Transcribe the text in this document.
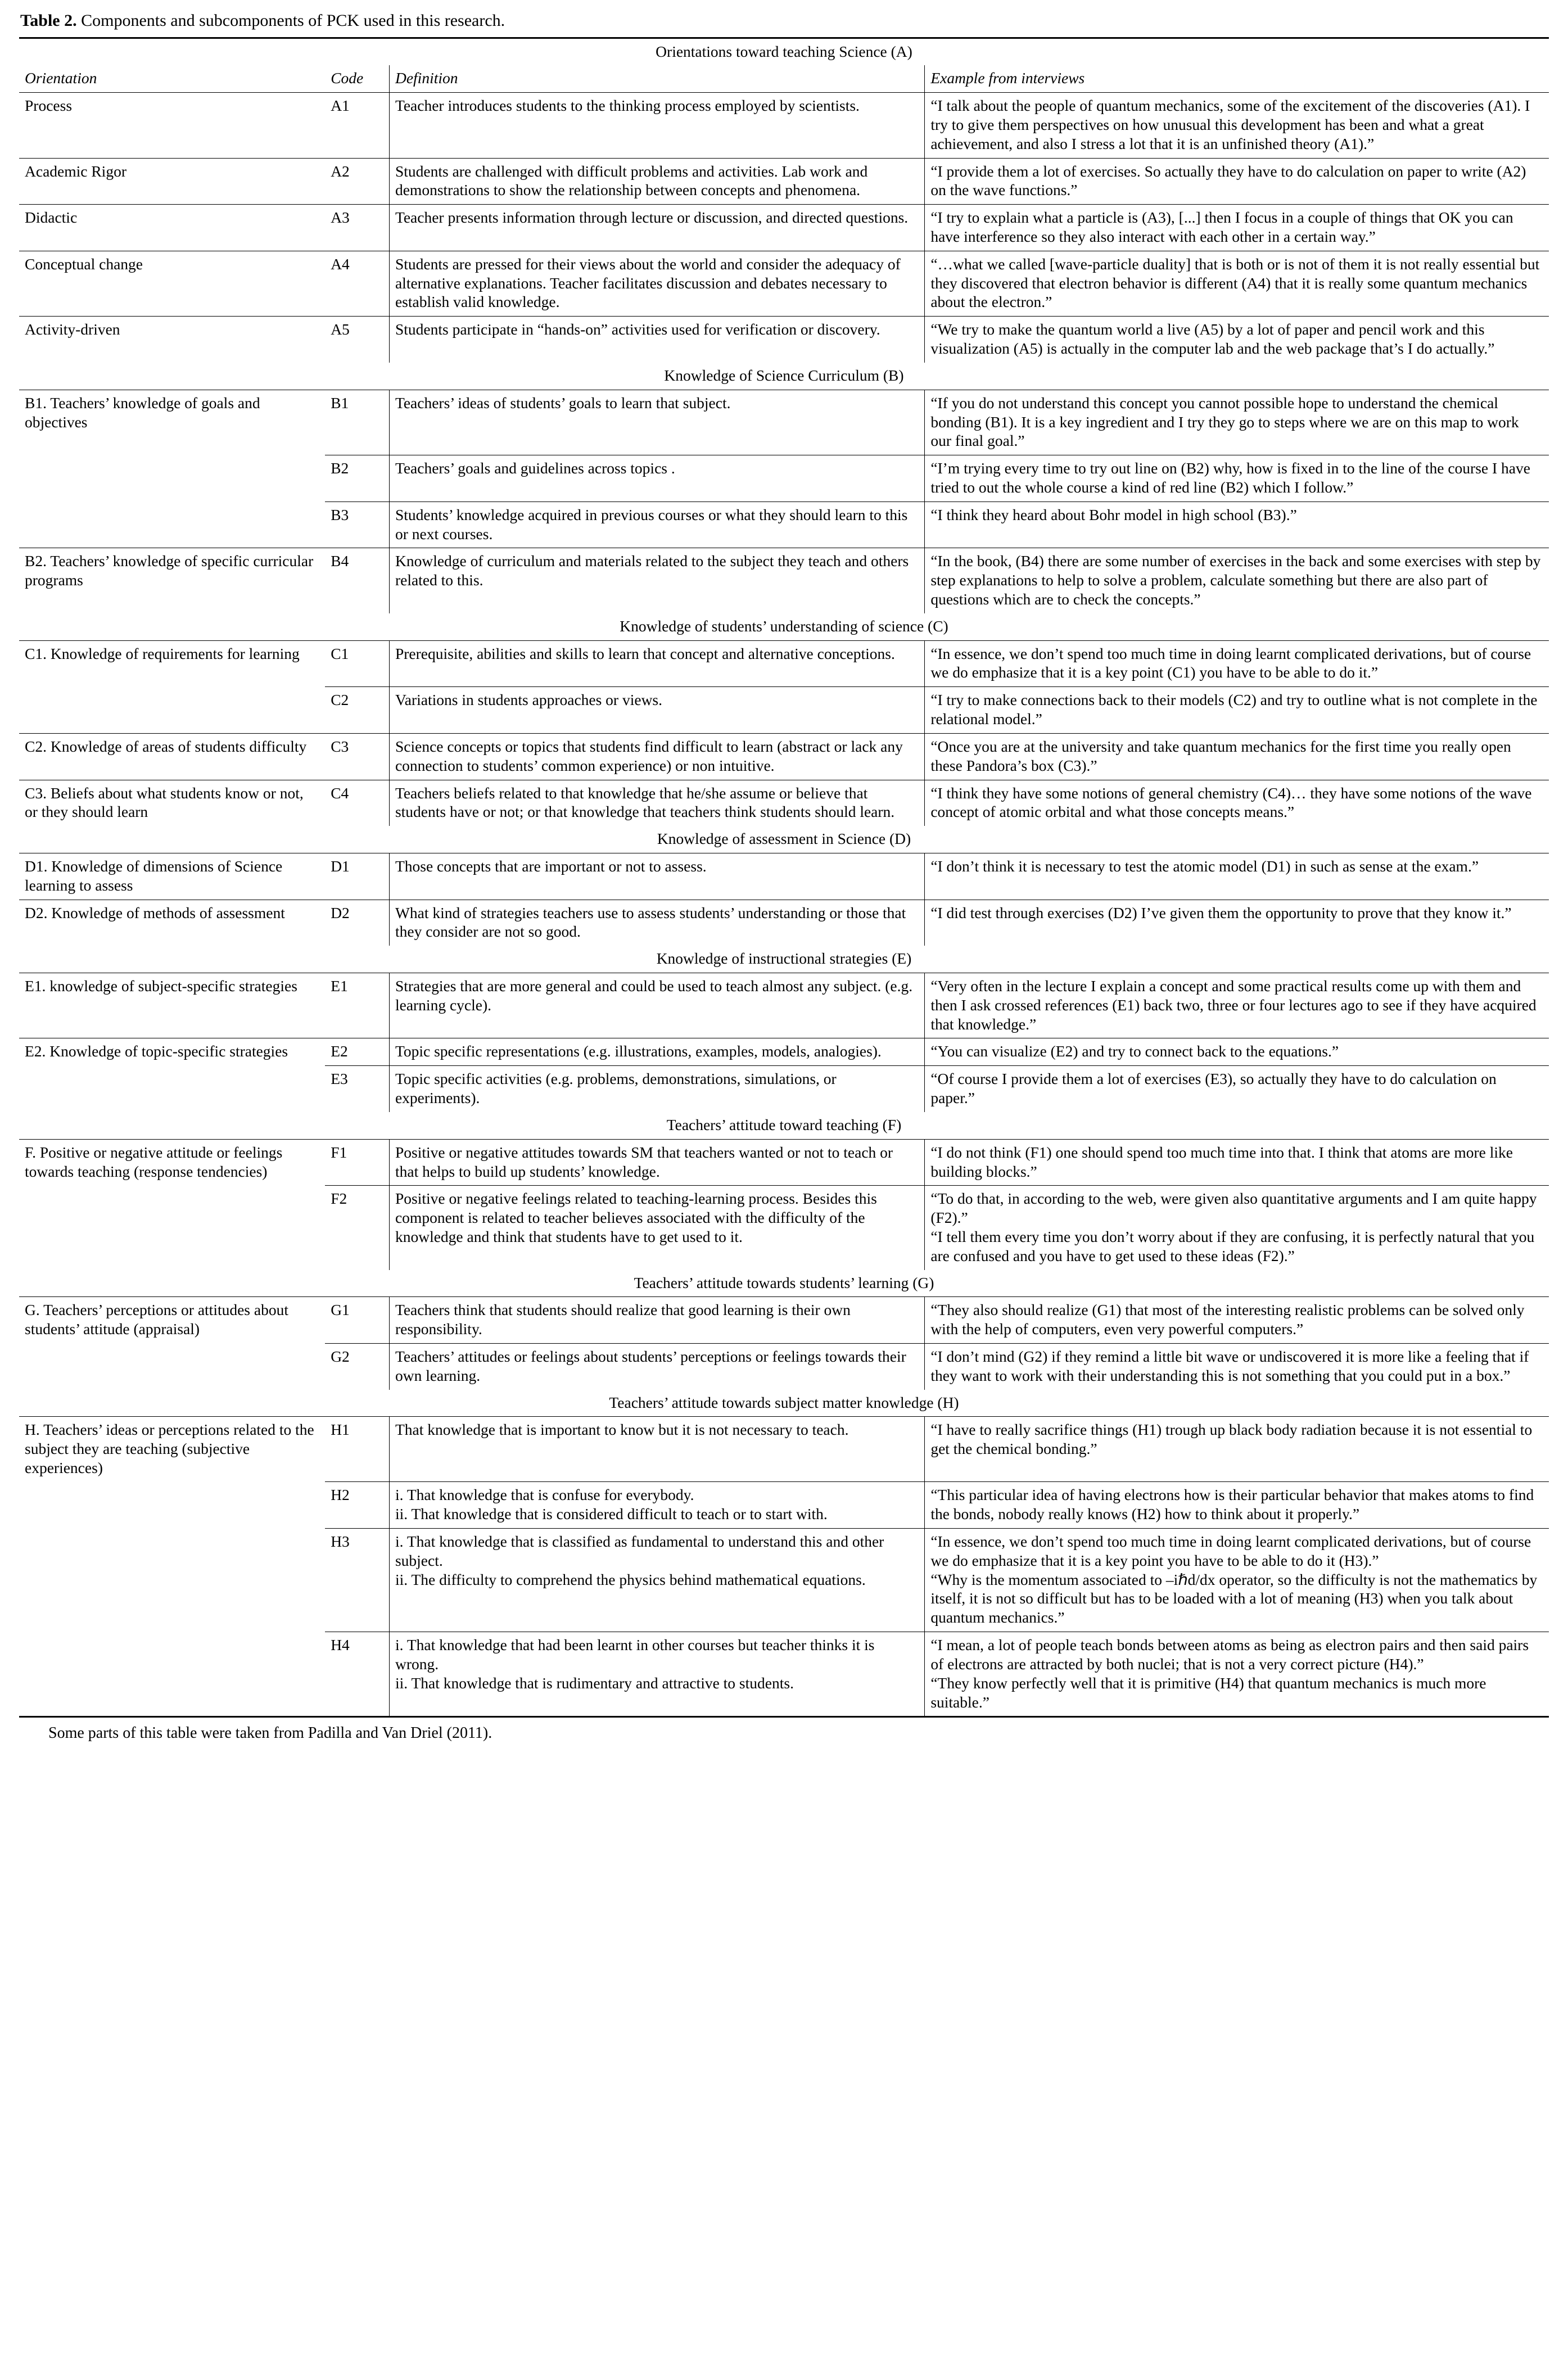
Table 2. Components and subcomponents of PCK used in this research.
Orientations toward teaching Science (A)			
Orientation	Code	Definition	Example from interviews
Process	A1	Teacher introduces students to the thinking process employed by scientists.	“I talk about the people of quantum mechanics, some of the excitement of the discoveries (A1). I try to give them perspectives on how unusual this development has been and what a great achievement, and also I stress a lot that it is an unfinished theory (A1).”
Academic Rigor	A2	Students are challenged with difficult problems and activities. Lab work and demonstrations to show the relationship between concepts and phenomena.	“I provide them a lot of exercises. So actually they have to do calculation on paper to write (A2) on the wave functions.”
Didactic	A3	Teacher presents information through lecture or discussion, and directed questions.	“I try to explain what a particle is (A3), [...] then I focus in a couple of things that OK you can have interference so they also interact with each other in a certain way.”
Conceptual change	A4	Students are pressed for their views about the world and consider the adequacy of alternative explanations. Teacher facilitates discussion and debates necessary to establish valid knowledge.	“…what we called [wave-particle duality] that is both or is not of them it is not really essential but they discovered that electron behavior is different (A4) that it is really some quantum mechanics about the electron.”
Activity-driven	A5	Students participate in “hands-on” activities used for verification or discovery.	“We try to make the quantum world a live (A5) by a lot of paper and pencil work and this visualization (A5) is actually in the computer lab and the web package that’s I do actually.”
Knowledge of Science Curriculum (B)			
B1. Teachers’ knowledge of goals and objectives	B1	Teachers’ ideas of students’ goals to learn that subject.	“If you do not understand this concept you cannot possible hope to understand the chemical bonding (B1). It is a key ingredient and I try they go to steps where we are on this map to work our final goal.”
	B2	Teachers’ goals and guidelines across topics .	“I’m trying every time to try out line on (B2) why, how is fixed in to the line of the course I have tried to out the whole course a kind of red line (B2) which I follow.”
	B3	Students’ knowledge acquired in previous courses or what they should learn to this or next courses.	“I think they heard about Bohr model in high school (B3).”
B2. Teachers’ knowledge of specific curricular programs	B4	Knowledge of curriculum and materials related to the subject they teach and others related to this.	“In the book, (B4) there are some number of exercises in the back and some exercises with step by step explanations to help to solve a problem, calculate something but there are also part of questions which are to check the concepts.”
Knowledge of students’ understanding of science (C)			
C1. Knowledge of requirements for learning	C1	Prerequisite, abilities and skills to learn that concept and alternative conceptions.	“In essence, we don’t spend too much time in doing learnt complicated derivations, but of course we do emphasize that it is a key point (C1) you have to be able to do it.”
	C2	Variations in students approaches or views.	“I try to make connections back to their models (C2) and try to outline what is not complete in the relational model.”
C2. Knowledge of areas of students difficulty	C3	Science concepts or topics that students find difficult to learn (abstract or lack any connection to students’ common experience) or non intuitive.	“Once you are at the university and take quantum mechanics for the first time you really open these Pandora’s box (C3).”
C3. Beliefs about what students know or not, or they should learn	C4	Teachers beliefs related to that knowledge that he/she assume or believe that students have or not; or that knowledge that teachers think students should learn.	“I think they have some notions of general chemistry (C4)… they have some notions of the wave concept of atomic orbital and what those concepts means.”
Knowledge of assessment in Science (D)			
D1. Knowledge of dimensions of Science learning to assess	D1	Those concepts that are important or not to assess.	“I don’t think it is necessary to test the atomic model (D1) in such as sense at the exam.”
D2. Knowledge of methods of assessment	D2	What kind of strategies teachers use to assess students’ understanding or those that they consider are not so good.	“I did test through exercises (D2) I’ve given them the opportunity to prove that they know it.”
Knowledge of instructional strategies (E)			
E1. knowledge of subject-specific strategies	E1	Strategies that are more general and could be used to teach almost any subject. (e.g. learning cycle).	“Very often in the lecture I explain a concept and some practical results come up with them and then I ask crossed references (E1) back two, three or four lectures ago to see if they have acquired that knowledge.”
E2. Knowledge of topic-specific strategies	E2	Topic specific representations (e.g. illustrations, examples, models, analogies).	“You can visualize (E2) and try to connect back to the equations.”
	E3	Topic specific activities (e.g. problems, demonstrations, simulations, or experiments).	“Of course I provide them a lot of exercises (E3), so actually they have to do calculation on paper.”
Teachers’ attitude toward teaching (F)			
F. Positive or negative attitude or feelings towards teaching (response tendencies)	F1	Positive or negative attitudes towards SM that teachers wanted or not to teach or that helps to build up students’ knowledge.	“I do not think (F1) one should spend too much time into that. I think that atoms are more like building blocks.”
	F2	Positive or negative feelings related to teaching-learning process. Besides this component is related to teacher believes associated with the difficulty of the knowledge and think that students have to get used to it.	“To do that, in according to the web, were given also quantitative arguments and I am quite happy (F2).”
“I tell them every time you don’t worry about if they are confusing, it is perfectly natural that you are confused and you have to get used to these ideas (F2).”
Teachers’ attitude towards students’ learning (G)			
G. Teachers’ perceptions or attitudes about students’ attitude (appraisal)	G1	Teachers think that students should realize that good learning is their own responsibility.	“They also should realize (G1) that most of the interesting realistic problems can be solved only with the help of computers, even very powerful computers.”
	G2	Teachers’ attitudes or feelings about students’ perceptions or feelings towards their own learning.	“I don’t mind (G2) if they remind a little bit wave or undiscovered it is more like a feeling that if they want to work with their understanding this is not something that you could put in a box.”
Teachers’ attitude towards subject matter knowledge (H)			
H. Teachers’ ideas or perceptions related to the subject they are teaching (subjective experiences)	H1	That knowledge that is important to know but it is not necessary to teach.	“I have to really sacrifice things (H1) trough up black body radiation because it is not essential to get the chemical bonding.”
	H2	i. That knowledge that is confuse for everybody.
ii. That knowledge that is considered difficult to teach or to start with.	“This particular idea of having electrons how is their particular behavior that makes atoms to find the bonds, nobody really knows (H2) how to think about it properly.”
	H3	i. That knowledge that is classified as fundamental to understand this and other subject.
ii. The difficulty to comprehend the physics behind mathematical equations.	“In essence, we don’t spend too much time in doing learnt complicated derivations, but of course we do emphasize that it is a key point you have to be able to do it (H3).”
“Why is the momentum associated to –iℏd/dx operator, so the difficulty is not the mathematics by itself, it is not so difficult but has to be loaded with a lot of meaning (H3) when you talk about quantum mechanics.”
	H4	i. That knowledge that had been learnt in other courses but teacher thinks it is wrong.
ii. That knowledge that is rudimentary and attractive to students.	“I mean, a lot of people teach bonds between atoms as being as electron pairs and then said pairs of electrons are attracted by both nuclei; that is not a very correct picture (H4).”
“They know perfectly well that it is primitive (H4) that quantum mechanics is much more suitable.”

Some parts of this table were taken from Padilla and Van Driel (2011).
